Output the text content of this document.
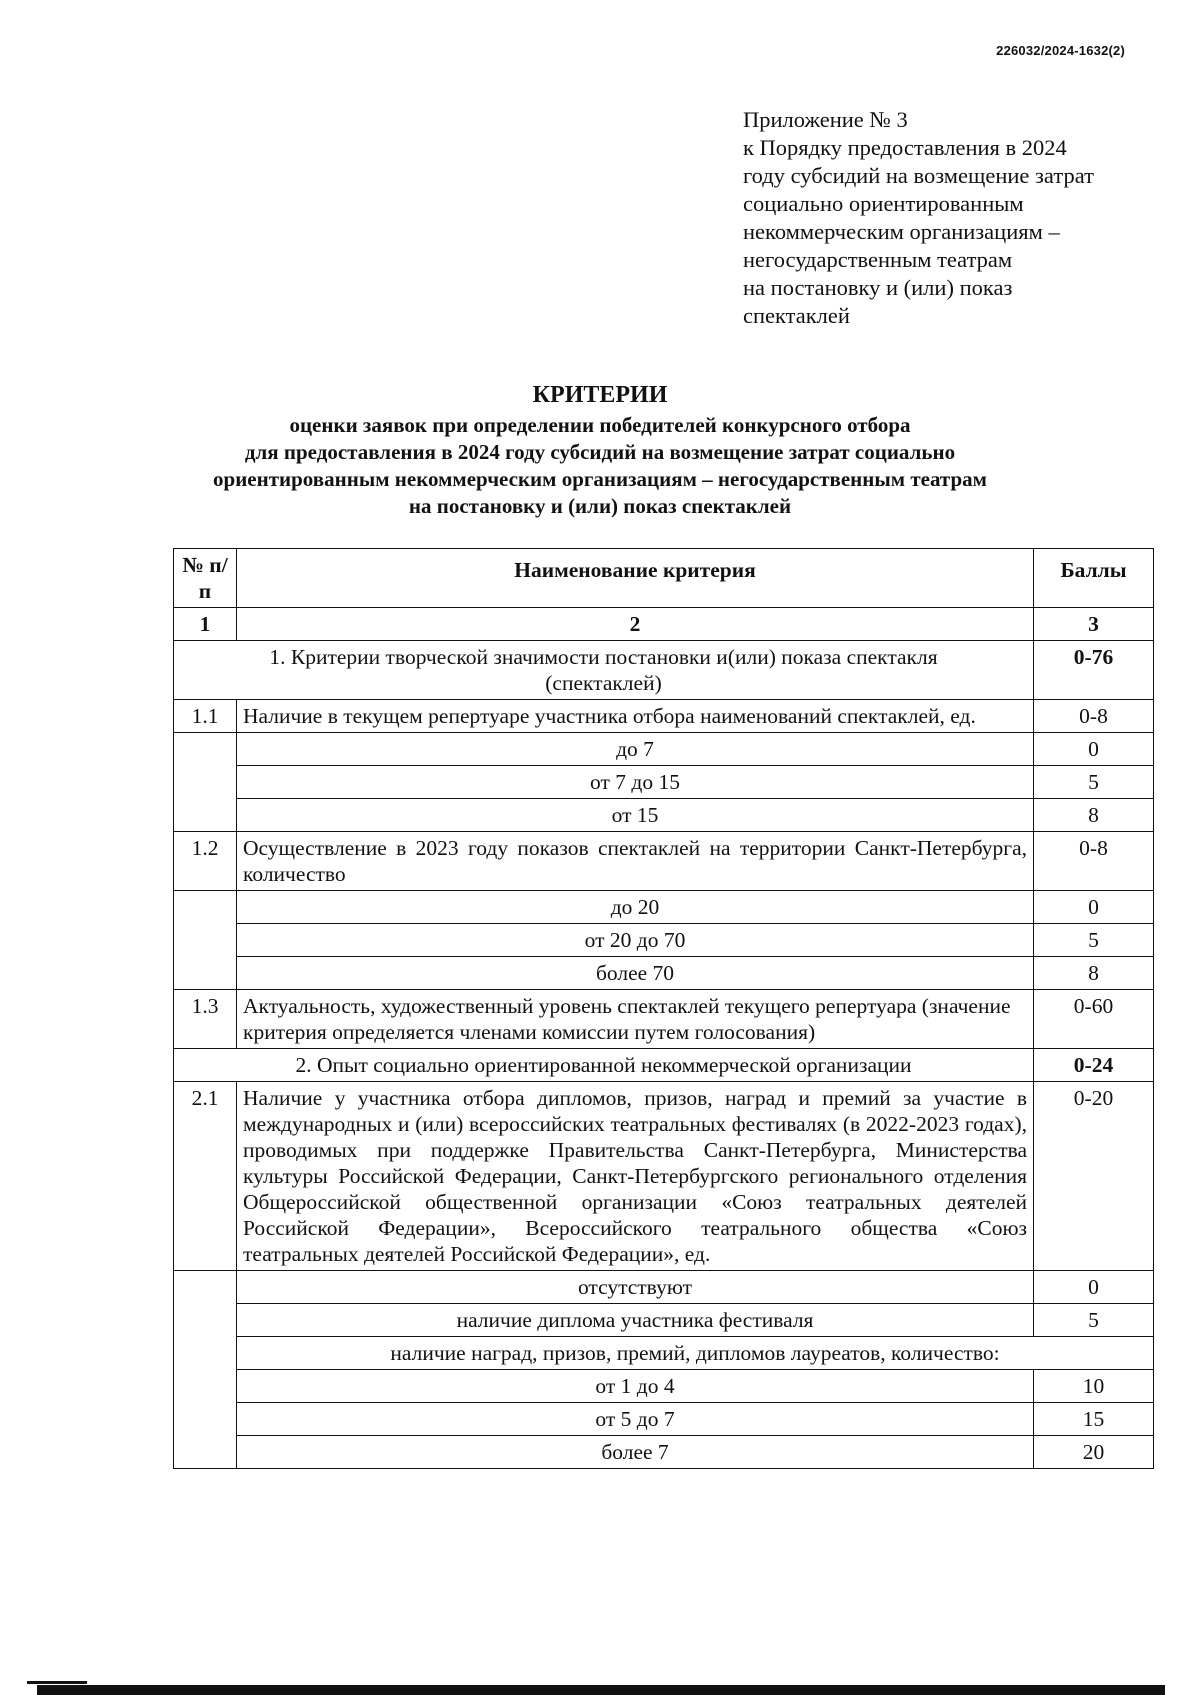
226032/2024-1632(2)
Приложение № 3
к Порядку предоставления в 2024
году субсидий на возмещение затрат
социально ориентированным
некоммерческим организациям –
негосударственным театрам
на постановку и (или) показ
спектаклей
КРИТЕРИИ
оценки заявок при определении победителей конкурсного отбора
для предоставления в 2024 году субсидий на возмещение затрат социально
ориентированным некоммерческим организациям – негосударственным театрам
на постановку и (или) показ спектаклей
№ п/п	Наименование критерия	Баллы
1	2	3
1. Критерии творческой значимости постановки и(или) показа спектакля (спектаклей)		0-76
1.1	Наличие в текущем репертуаре участника отбора наименований спектаклей, ед.	0-8
	до 7	0
	от 7 до 15	5
	от 15	8
1.2	Осуществление в 2023 году показов спектаклей на территории Санкт-Петербурга, количество	0-8
	до 20	0
	от 20 до 70	5
	более 70	8
1.3	Актуальность, художественный уровень спектаклей текущего репертуара (значение критерия определяется членами комиссии путем голосования)	0-60
2. Опыт социально ориентированной некоммерческой организации		0-24
2.1	Наличие у участника отбора дипломов, призов, наград и премий за участие в международных и (или) всероссийских театральных фестивалях (в 2022-2023 годах), проводимых при поддержке Правительства Санкт-Петербурга, Министерства культуры Российской Федерации, Санкт-Петербургского регионального отделения Общероссийской общественной организации «Союз театральных деятелей Российской Федерации», Всероссийского театрального общества «Союз театральных деятелей Российской Федерации», ед.	0-20
	отсутствуют	0
	наличие диплома участника фестиваля	5
	наличие наград, призов, премий, дипломов лауреатов, количество:	
	от 1 до 4	10
	от 5 до 7	15
	более 7	20
